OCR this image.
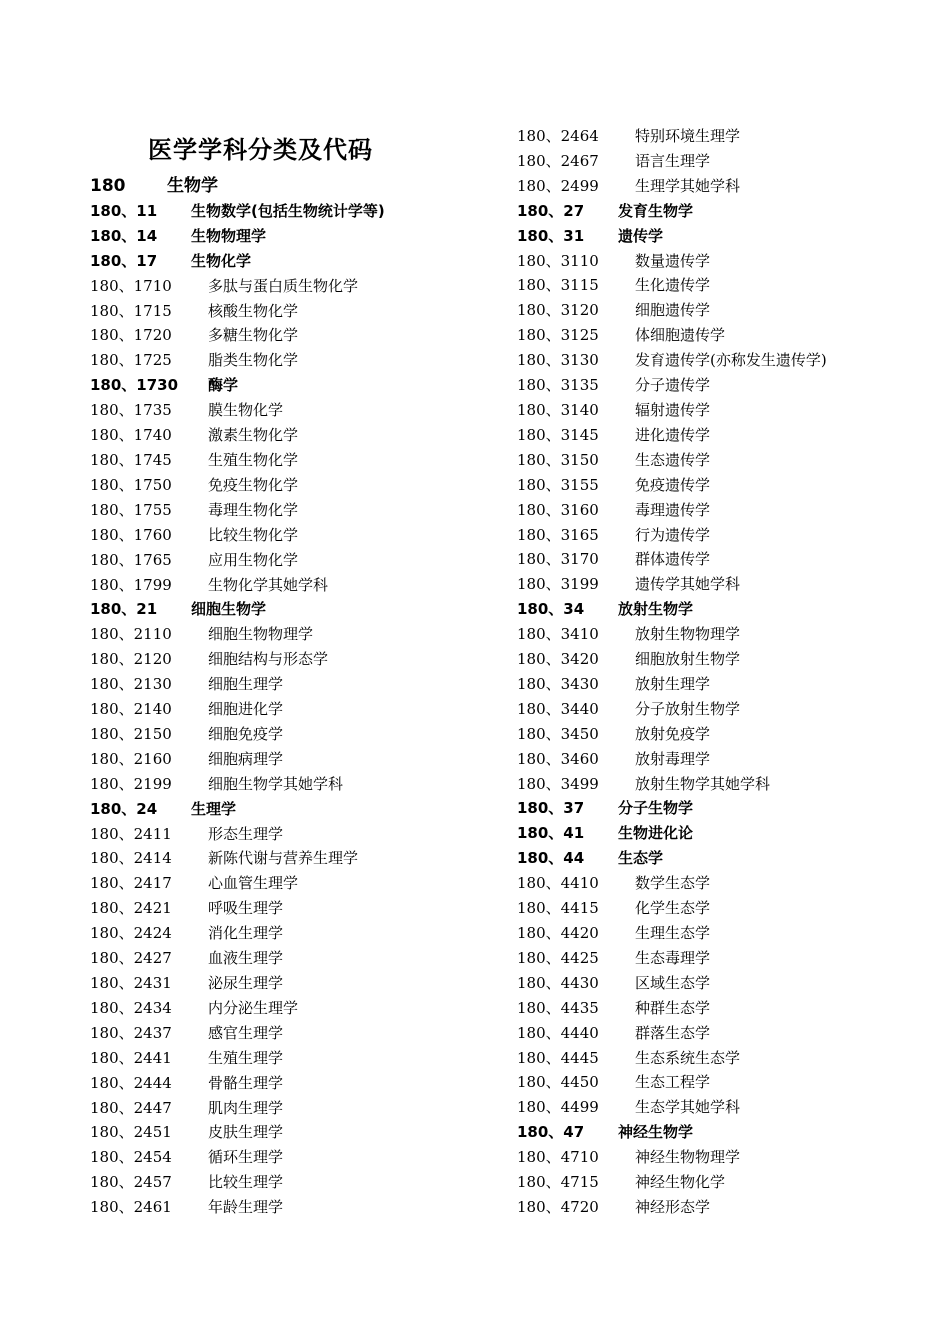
医学学科分类及代码
180 生物学
180、11 生物数学(包括生物统计学等)
180、14 生物物理学
180、17 生物化学
180、1710 多肽与蛋白质生物化学
180、1715 核酸生物化学
180、1720 多糖生物化学
180、1725 脂类生物化学
180、1730 酶学
180、1735 膜生物化学
180、1740 激素生物化学
180、1745 生殖生物化学
180、1750 免疫生物化学
180、1755 毒理生物化学
180、1760 比较生物化学
180、1765 应用生物化学
180、1799 生物化学其她学科
180、21 细胞生物学
180、2110 细胞生物物理学
180、2120 细胞结构与形态学
180、2130 细胞生理学
180、2140 细胞进化学
180、2150 细胞免疫学
180、2160 细胞病理学
180、2199 细胞生物学其她学科
180、24 生理学
180、2411 形态生理学
180、2414 新陈代谢与营养生理学
180、2417 心血管生理学
180、2421 呼吸生理学
180、2424 消化生理学
180、2427 血液生理学
180、2431 泌尿生理学
180、2434 内分泌生理学
180、2437 感官生理学
180、2441 生殖生理学
180、2444 骨骼生理学
180、2447 肌肉生理学
180、2451 皮肤生理学
180、2454 循环生理学
180、2457 比较生理学
180、2461 年龄生理学
180、2464 特别环境生理学
180、2467 语言生理学
180、2499 生理学其她学科
180、27 发育生物学
180、31 遗传学
180、3110 数量遗传学
180、3115 生化遗传学
180、3120 细胞遗传学
180、3125 体细胞遗传学
180、3130 发育遗传学(亦称发生遗传学)
180、3135 分子遗传学
180、3140 辐射遗传学
180、3145 进化遗传学
180、3150 生态遗传学
180、3155 免疫遗传学
180、3160 毒理遗传学
180、3165 行为遗传学
180、3170 群体遗传学
180、3199 遗传学其她学科
180、34 放射生物学
180、3410 放射生物物理学
180、3420 细胞放射生物学
180、3430 放射生理学
180、3440 分子放射生物学
180、3450 放射免疫学
180、3460 放射毒理学
180、3499 放射生物学其她学科
180、37 分子生物学
180、41 生物进化论
180、44 生态学
180、4410 数学生态学
180、4415 化学生态学
180、4420 生理生态学
180、4425 生态毒理学
180、4430 区域生态学
180、4435 种群生态学
180、4440 群落生态学
180、4445 生态系统生态学
180、4450 生态工程学
180、4499 生态学其她学科
180、47 神经生物学
180、4710 神经生物物理学
180、4715 神经生物化学
180、4720 神经形态学
